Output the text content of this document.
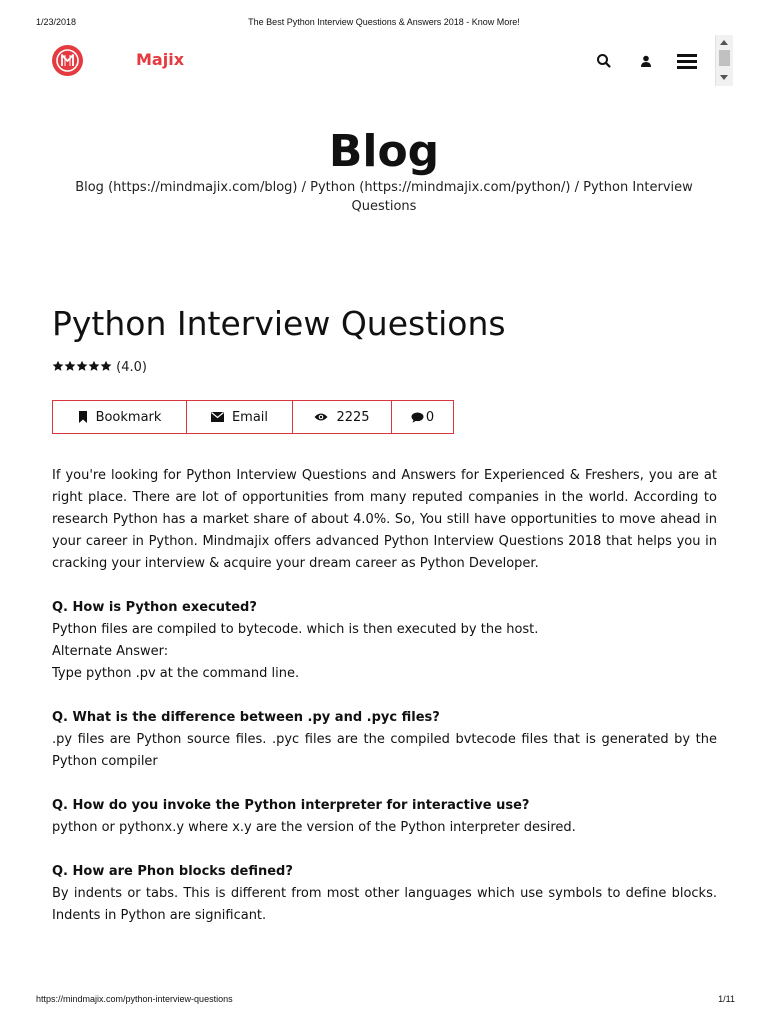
1/23/2018	The Best Python Interview Questions & Answers 2018 - Know More!
Majix
Blog
Blog (https://mindmajix.com/blog) / Python (https://mindmajix.com/python/) / Python Interview Questions
Python Interview Questions
(4.0)
Bookmark	Email	2225	0

If you're looking for Python Interview Questions and Answers for Experienced & Freshers, you are at right place. There are lot of opportunities from many reputed companies in the world. According to research Python has a market share of about 4.0%. So, You still have opportunities to move ahead in your career in Python. Mindmajix offers advanced Python Interview Questions 2018 that helps you in cracking your interview & acquire your dream career as Python Developer.

Q. How is Python executed?

Python files are compiled to bytecode. which is then executed by the host.

Alternate Answer:

Type python .pv at the command line.

Q. What is the difference between .py and .pyc files?

.py files are Python source files. .pyc files are the compiled bvtecode files that is generated by the Python compiler

Q. How do you invoke the Python interpreter for interactive use?

python or pythonx.y where x.y are the version of the Python interpreter desired.

Q. How are Phon blocks defined?

By indents or tabs. This is different from most other languages which use symbols to define blocks. Indents in Python are significant.

https://mindmajix.com/python-interview-questions	1/11
